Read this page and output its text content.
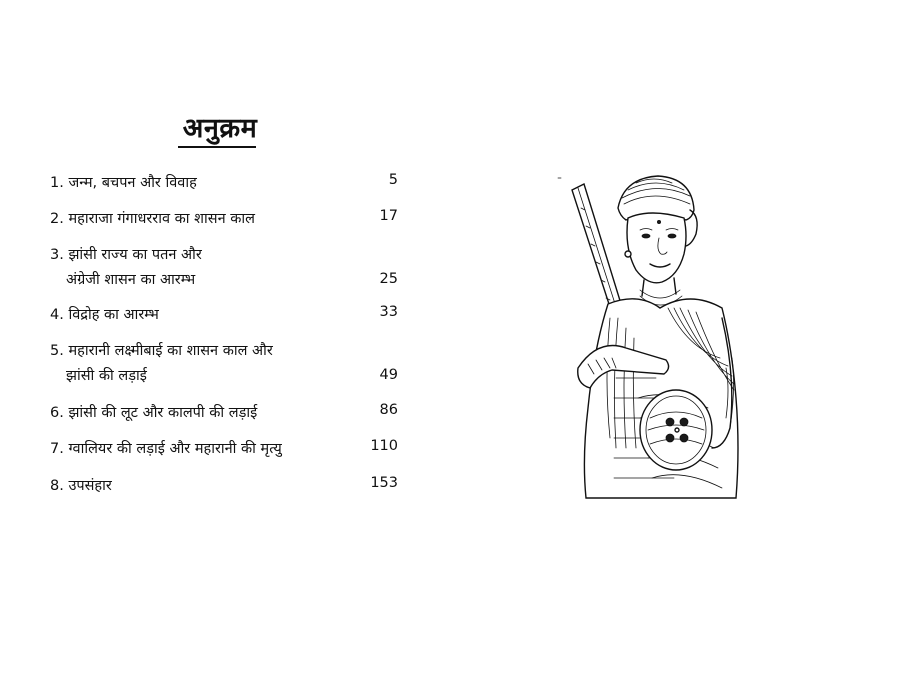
अनुक्रम
1. जन्म, बचपन और विवाह	5
2. महाराजा गंगाधरराव का शासन काल	17
3. झांसी राज्य का पतन और
अंग्रेजी शासन का आरम्भ	25
4. विद्रोह का आरम्भ	33
5. महारानी लक्ष्मीबाई का शासन काल और
झांसी की लड़ाई	49
6. झांसी की लूट और कालपी की लड़ाई	86
7. ग्वालियर की लड़ाई और महारानी की मृत्यु	110
8. उपसंहार	153
